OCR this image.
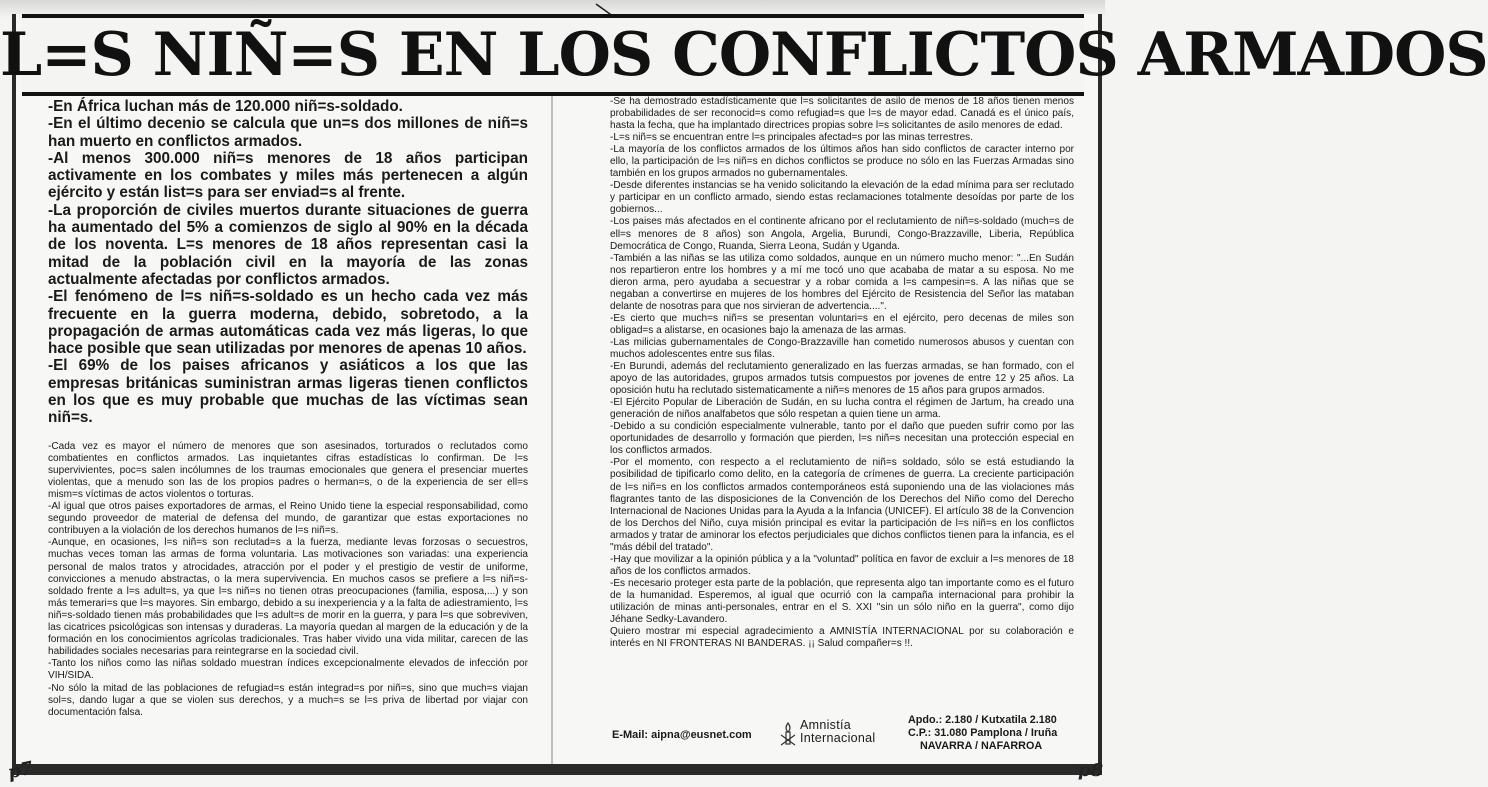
L=S NIÑ=S EN LOS CONFLICTOS ARMADOS
-En África luchan más de 120.000 niñ=s-soldado.
-En el último decenio se calcula que un=s dos millones de niñ=s han muerto en conflictos armados.
-Al menos 300.000 niñ=s menores de 18 años participan activamente en los combates y miles más pertenecen a algún ejército y están list=s para ser enviad=s al frente.
-La proporción de civiles muertos durante situaciones de guerra ha aumentado del 5% a comienzos de siglo al 90% en la década de los noventa. L=s menores de 18 años representan casi la mitad de la población civil en la mayoría de las zonas actualmente afectadas por conflictos armados.
-El fenómeno de l=s niñ=s-soldado es un hecho cada vez más frecuente en la guerra moderna, debido, sobretodo, a la propagación de armas automáticas cada vez más ligeras, lo que hace posible que sean utilizadas por menores de apenas 10 años.
-El 69% de los paises africanos y asiáticos a los que las empresas británicas suministran armas ligeras tienen conflictos en los que es muy probable que muchas de las víctimas sean niñ=s.

-Cada vez es mayor el número de menores que son asesinados, torturados o reclutados como combatientes en conflictos armados. Las inquietantes cifras estadísticas lo confirman. De l=s supervivientes, poc=s salen incólumnes de los traumas emocionales que genera el presenciar muertes violentas, que a menudo son las de los propios padres o herman=s, o de la experiencia de ser ell=s mism=s víctimas de actos violentos o torturas.

-Al igual que otros paises exportadores de armas, el Reino Unido tiene la especial responsabilidad, como segundo proveedor de material de defensa del mundo, de garantizar que estas exportaciones no contribuyen a la violación de los derechos humanos de l=s niñ=s.

-Aunque, en ocasiones, l=s niñ=s son reclutad=s a la fuerza, mediante levas forzosas o secuestros, muchas veces toman las armas de forma voluntaria. Las motivaciones son variadas: una experiencia personal de malos tratos y atrocidades, atracción por el poder y el prestigio de vestir de uniforme, convicciones a menudo abstractas, o la mera supervivencia. En muchos casos se prefiere a l=s niñ=s-soldado frente a l=s adult=s, ya que l=s niñ=s no tienen otras preocupaciones (familia, esposa,...) y son más temerari=s que l=s mayores. Sin embargo, debido a su inexperiencia y a la falta de adiestramiento, l=s niñ=s-soldado tienen más probabilidades que l=s adult=s de morir en la guerra, y para l=s que sobreviven, las cicatrices psicológicas son intensas y duraderas. La mayoría quedan al margen de la educación y de la formación en los conocimientos agrícolas tradicionales. Tras haber vivido una vida militar, carecen de las habilidades sociales necesarias para reintegrarse en la sociedad civil.

-Tanto los niños como las niñas soldado muestran índices excepcionalmente elevados de infección por VIH/SIDA.

-No sólo la mitad de las poblaciones de refugiad=s están integrad=s por niñ=s, sino que much=s viajan sol=s, dando lugar a que se violen sus derechos, y a much=s se l=s priva de libertad por viajar con documentación falsa.

-Se ha demostrado estadísticamente que l=s solicitantes de asilo de menos de 18 años tienen menos probabilidades de ser reconocid=s como refugiad=s que l=s de mayor edad. Canadá es el único país, hasta la fecha, que ha implantado directrices propias sobre l=s solicitantes de asilo menores de edad.

-L=s niñ=s se encuentran entre l=s principales afectad=s por las minas terrestres.

-La mayoría de los conflictos armados de los últimos años han sido conflictos de caracter interno por ello, la participación de l=s niñ=s en dichos conflictos se produce no sólo en las Fuerzas Armadas sino también en los grupos armados no gubernamentales.

-Desde diferentes instancias se ha venido solicitando la elevación de la edad mínima para ser reclutado y participar en un conflicto armado, siendo estas reclamaciones totalmente desoídas por parte de los gobiernos...

-Los paises más afectados en el continente africano por el reclutamiento de niñ=s-soldado (much=s de ell=s menores de 8 años) son Angola, Argelia, Burundi, Congo-Brazzaville, Liberia, República Democrática de Congo, Ruanda, Sierra Leona, Sudán y Uganda.

-También a las niñas se las utiliza como soldados, aunque en un número mucho menor: "...En Sudán nos repartieron entre los hombres y a mí me tocó uno que acababa de matar a su esposa. No me dieron arma, pero ayudaba a secuestrar y a robar comida a l=s campesin=s. A las niñas que se negaban a convertirse en mujeres de los hombres del Ejército de Resistencia del Señor las mataban delante de nosotras para que nos sirvieran de advertencia....".

-Es cierto que much=s niñ=s se presentan voluntari=s en el ejército, pero decenas de miles son obligad=s a alistarse, en ocasiones bajo la amenaza de las armas.

-Las milicias gubernamentales de Congo-Brazzaville han cometido numerosos abusos y cuentan con muchos adolescentes entre sus filas.

-En Burundi, además del reclutamiento generalizado en las fuerzas armadas, se han formado, con el apoyo de las autoridades, grupos armados tutsis compuestos por jovenes de entre 12 y 25 años. La oposición hutu ha reclutado sistematicamente a niñ=s menores de 15 años para grupos armados.

-El Ejército Popular de Liberación de Sudán, en su lucha contra el régimen de Jartum, ha creado una generación de niños analfabetos que sólo respetan a quien tiene un arma.

-Debido a su condición especialmente vulnerable, tanto por el daño que pueden sufrir como por las oportunidades de desarrollo y formación que pierden, l=s niñ=s necesitan una protección especial en los conflictos armados.

-Por el momento, con respecto a el reclutamiento de niñ=s soldado, sólo se está estudiando la posibilidad de tipificarlo como delito, en la categoría de crímenes de guerra. La creciente participación de l=s niñ=s en los conflictos armados contemporáneos está suponiendo una de las violaciones más flagrantes tanto de las disposiciones de la Convención de los Derechos del Niño como del Derecho Internacional de Naciones Unidas para la Ayuda a la Infancia (UNICEF). El artículo 38 de la Convencion de los Derchos del Niño, cuya misión principal es evitar la participación de l=s niñ=s en los conflictos armados y tratar de aminorar los efectos perjudiciales que dichos conflictos tienen para la infancia, es el "más débil del tratado".

-Hay que movilizar a la opinión pública y a la "voluntad" política en favor de excluir a l=s menores de 18 años de los conflictos armados.

-Es necesario proteger esta parte de la población, que representa algo tan importante como es el futuro de la humanidad. Esperemos, al igual que ocurrió con la campaña internacional para prohibir la utilización de minas anti-personales, entrar en el S. XXI "sin un sólo niño en la guerra", como dijo Jéhane Sedky-Lavandero.

Quiero mostrar mi especial agradecimiento a AMNISTÍA INTERNACIONAL por su colaboración e interés en NI FRONTERAS NI BANDERAS. ¡¡ Salud compañer=s !!.

E-Mail: aipna@eusnet.com
Amnistía
Internacional
Apdo.: 2.180 / Kutxatila 2.180
C.P.: 31.080 Pamplona / Iruña
NAVARRA / NAFARROA
p7	p8
